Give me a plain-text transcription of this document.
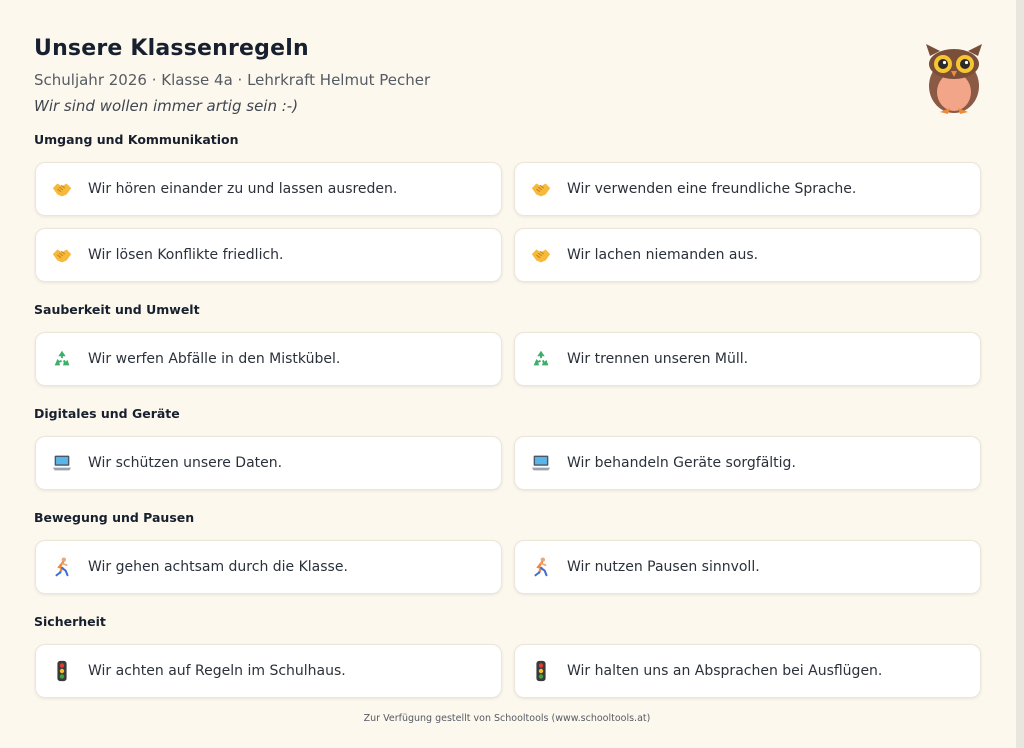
Unsere Klassenregeln
Schuljahr 2026 · Klasse 4a · Lehrkraft Helmut Pecher
Wir sind wollen immer artig sein :-)
Umgang und Kommunikation
Wir hören einander zu und lassen ausreden.	Wir verwenden eine freundliche Sprache.
Wir lösen Konflikte friedlich.	Wir lachen niemanden aus.
Sauberkeit und Umwelt
Wir werfen Abfälle in den Mistkübel.	Wir trennen unseren Müll.
Digitales und Geräte
Wir schützen unsere Daten.	Wir behandeln Geräte sorgfältig.
Bewegung und Pausen
Wir gehen achtsam durch die Klasse.	Wir nutzen Pausen sinnvoll.
Sicherheit
Wir achten auf Regeln im Schulhaus.	Wir halten uns an Absprachen bei Ausflügen.
Zur Verfügung gestellt von Schooltools (www.schooltools.at)
